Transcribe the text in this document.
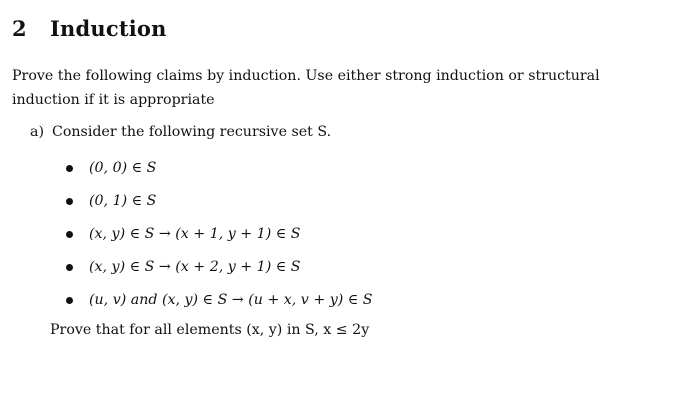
2 Induction
Prove the following claims by induction. Use either strong induction or structural induction if it is appropriate
a) Consider the following recursive set S.
(0, 0) ∈ S
(0, 1) ∈ S
(x, y) ∈ S → (x + 1, y + 1) ∈ S
(x, y) ∈ S → (x + 2, y + 1) ∈ S
(u, v) and (x, y) ∈ S → (u + x, v + y) ∈ S
Prove that for all elements (x, y) in S, x ≤ 2y
